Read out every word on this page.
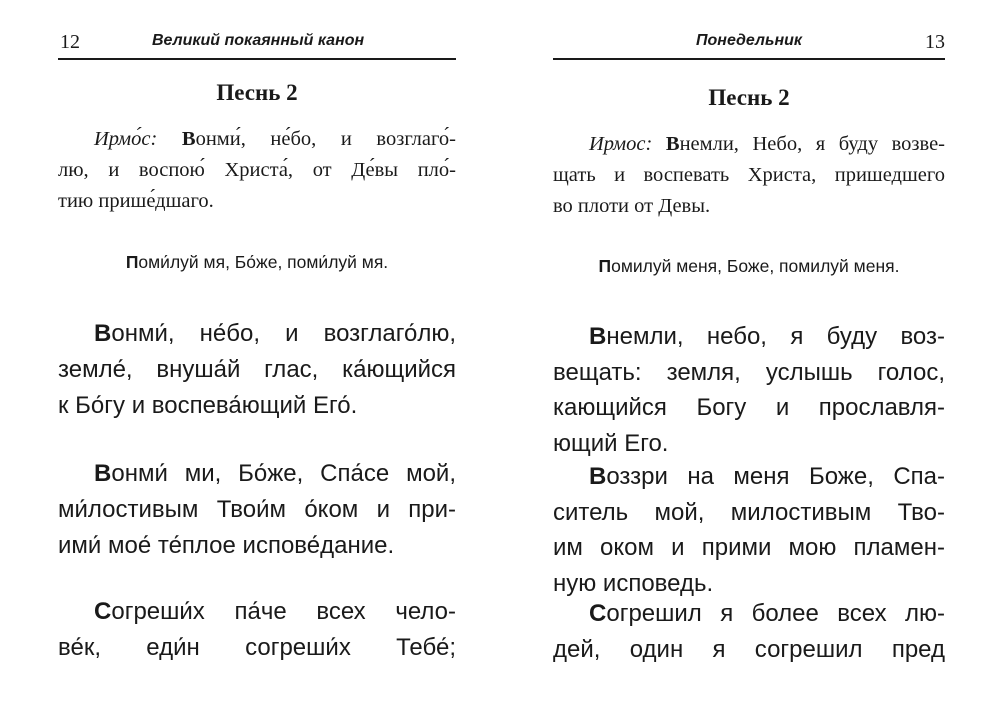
12	Великий покаянный канон
Песнь 2

Ирмо́с: Вонми́, не́бо, и возглаго́-
лю, и воспою́ Христа́, от Де́вы пло́-
тию прише́дшаго.

Поми́луй мя, Бо́же, поми́луй мя.

Вонми́, не́бо, и возглаго́лю,
земле́, внуша́й глас, ка́ющийся
к Бо́гу и воспева́ющий Его́.

Вонми́ ми, Бо́же, Спа́се мой,
ми́лостивым Твои́м о́ком и при-
ими́ мое́ те́плое испове́дание.

Согреши́х па́че всех чело-
ве́к, еди́н согреши́х Тебе́;

Понедельник	13
Песнь 2

Ирмос: Внемли, Небо, я буду возве-
щать и воспевать Христа, пришедшего
во плоти от Девы.

Помилуй меня, Боже, помилуй меня.

Внемли, небо, я буду воз-
вещать: земля, услышь голос,
кающийся Богу и прославля-
ющий Его.

Воззри на меня Боже, Спа-
ситель мой, милостивым Тво-
им оком и прими мою пламен-
ную исповедь.

Согрешил я более всех лю-
дей, один я согрешил пред
